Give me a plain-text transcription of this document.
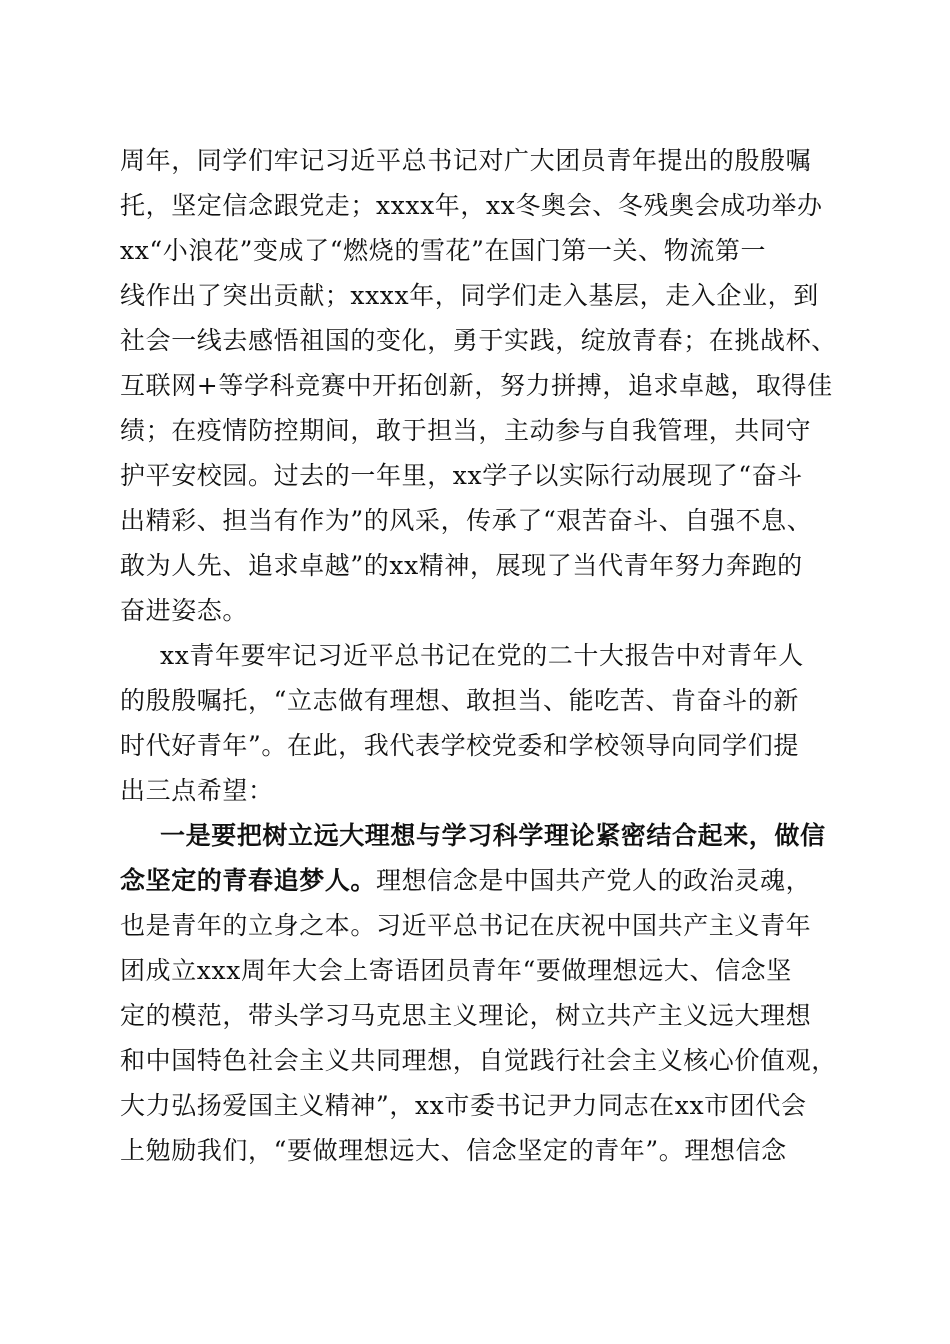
周年，同学们牢记习近平总书记对广大团员青年提出的殷殷嘱
托，坚定信念跟党走；xxxx年，xx冬奥会、冬残奥会成功举办
xx“小浪花”变成了“燃烧的雪花”在国门第一关、物流第一
线作出了突出贡献；xxxx年，同学们走入基层，走入企业，到
社会一线去感悟祖国的变化，勇于实践，绽放青春；在挑战杯、
互联网+等学科竞赛中开拓创新，努力拼搏，追求卓越，取得佳
绩；在疫情防控期间，敢于担当，主动参与自我管理，共同守
护平安校园。过去的一年里，xx学子以实际行动展现了“奋斗
出精彩、担当有作为”的风采，传承了“艰苦奋斗、自强不息、
敢为人先、追求卓越”的xx精神，展现了当代青年努力奔跑的
奋进姿态。
xx青年要牢记习近平总书记在党的二十大报告中对青年人
的殷殷嘱托，“立志做有理想、敢担当、能吃苦、肯奋斗的新
时代好青年”。在此，我代表学校党委和学校领导向同学们提
出三点希望：
一是要把树立远大理想与学习科学理论紧密结合起来，做信
念坚定的青春追梦人。理想信念是中国共产党人的政治灵魂，
也是青年的立身之本。习近平总书记在庆祝中国共产主义青年
团成立xxx周年大会上寄语团员青年“要做理想远大、信念坚
定的模范，带头学习马克思主义理论，树立共产主义远大理想
和中国特色社会主义共同理想，自觉践行社会主义核心价值观，
大力弘扬爱国主义精神”，xx市委书记尹力同志在xx市团代会
上勉励我们，“要做理想远大、信念坚定的青年”。理想信念
